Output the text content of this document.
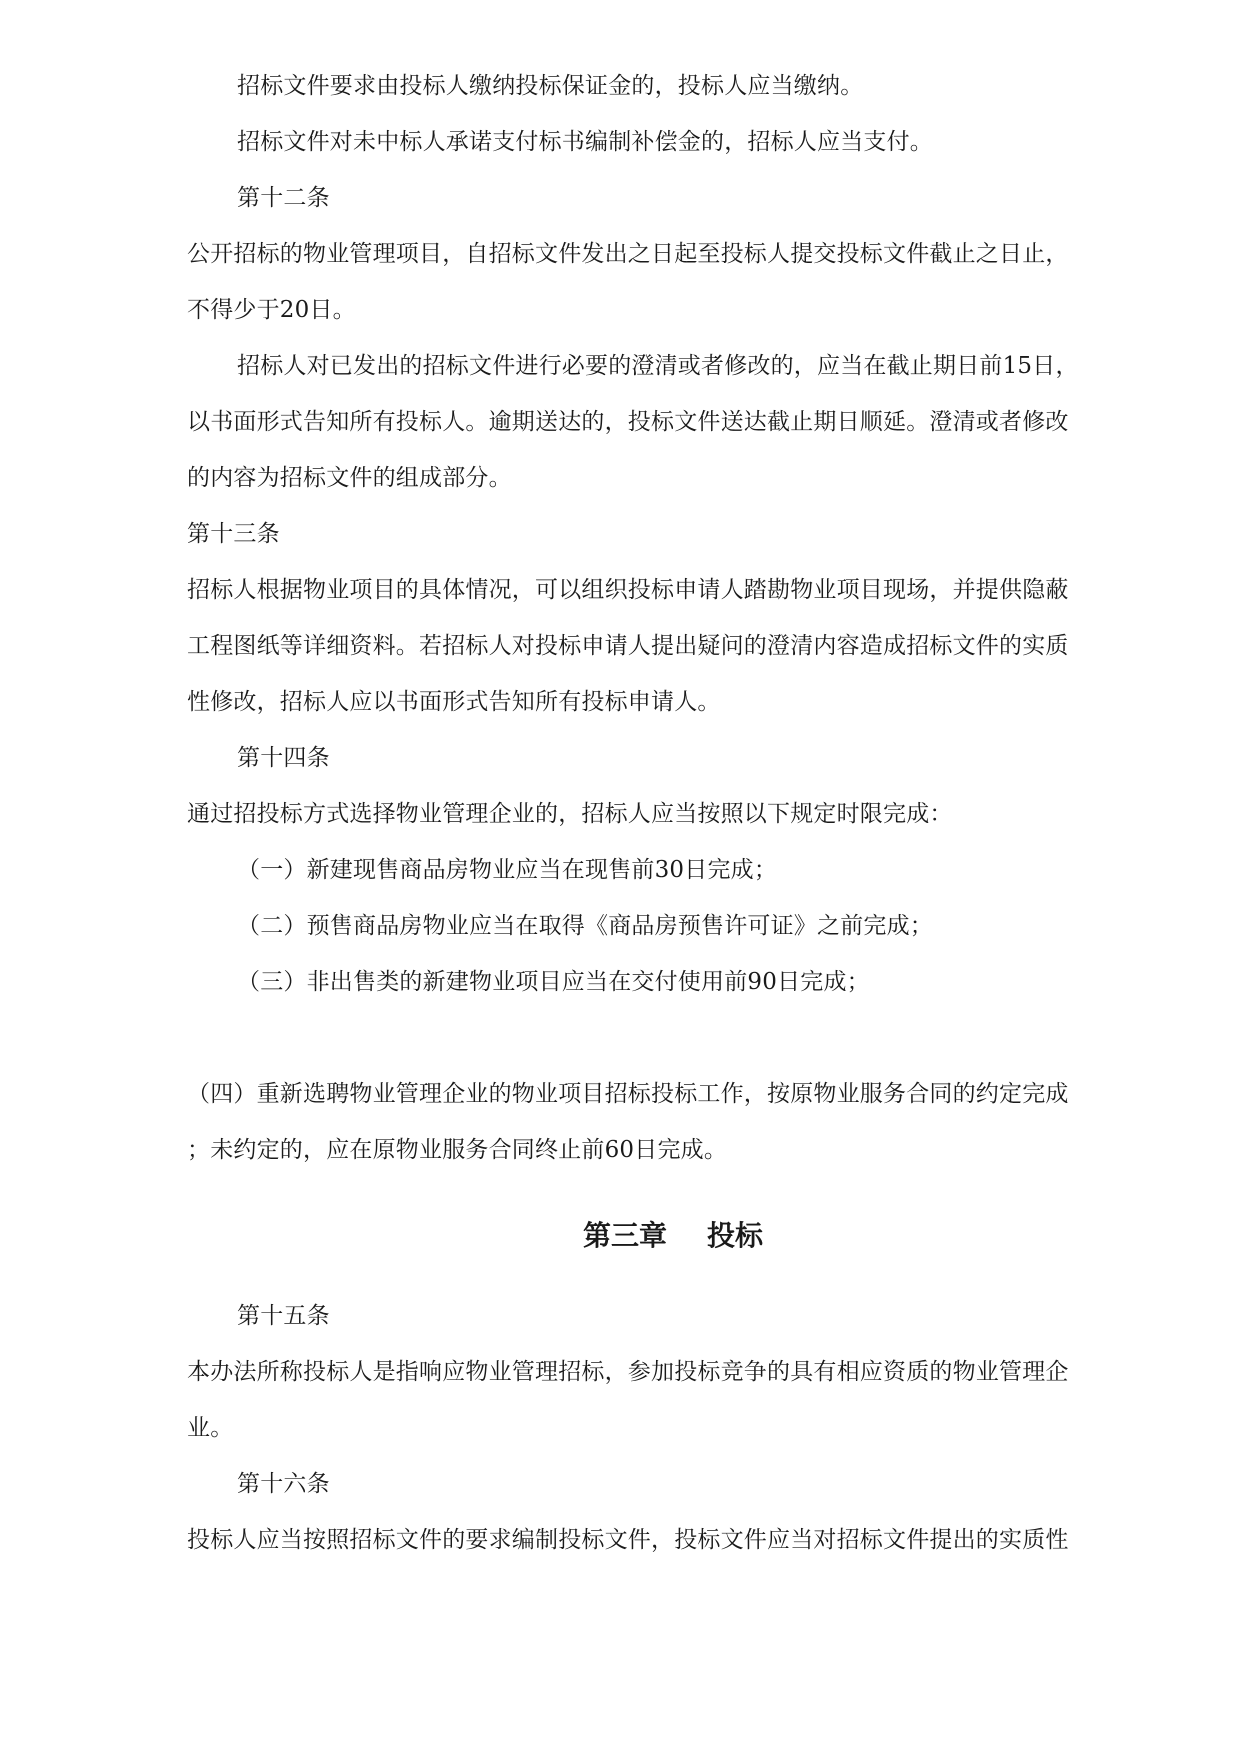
招标文件要求由投标人缴纳投标保证金的，投标人应当缴纳。

招标文件对未中标人承诺支付标书编制补偿金的，招标人应当支付。

第十二条

公开招标的物业管理项目，自招标文件发出之日起至投标人提交投标文件截止之日止，

不得少于20日。

招标人对已发出的招标文件进行必要的澄清或者修改的，应当在截止期日前15日，

以书面形式告知所有投标人。逾期送达的，投标文件送达截止期日顺延。澄清或者修改

的内容为招标文件的组成部分。

第十三条

招标人根据物业项目的具体情况，可以组织投标申请人踏勘物业项目现场，并提供隐蔽

工程图纸等详细资料。若招标人对投标申请人提出疑问的澄清内容造成招标文件的实质

性修改，招标人应以书面形式告知所有投标申请人。

第十四条

通过招投标方式选择物业管理企业的，招标人应当按照以下规定时限完成：

（一）新建现售商品房物业应当在现售前30日完成；

（二）预售商品房物业应当在取得《商品房预售许可证》之前完成；

（三）非出售类的新建物业项目应当在交付使用前90日完成；

（四）重新选聘物业管理企业的物业项目招标投标工作，按原物业服务合同的约定完成

；未约定的，应在原物业服务合同终止前60日完成。

第三章 投标

第十五条

本办法所称投标人是指响应物业管理招标，参加投标竞争的具有相应资质的物业管理企

业。

第十六条

投标人应当按照招标文件的要求编制投标文件，投标文件应当对招标文件提出的实质性
